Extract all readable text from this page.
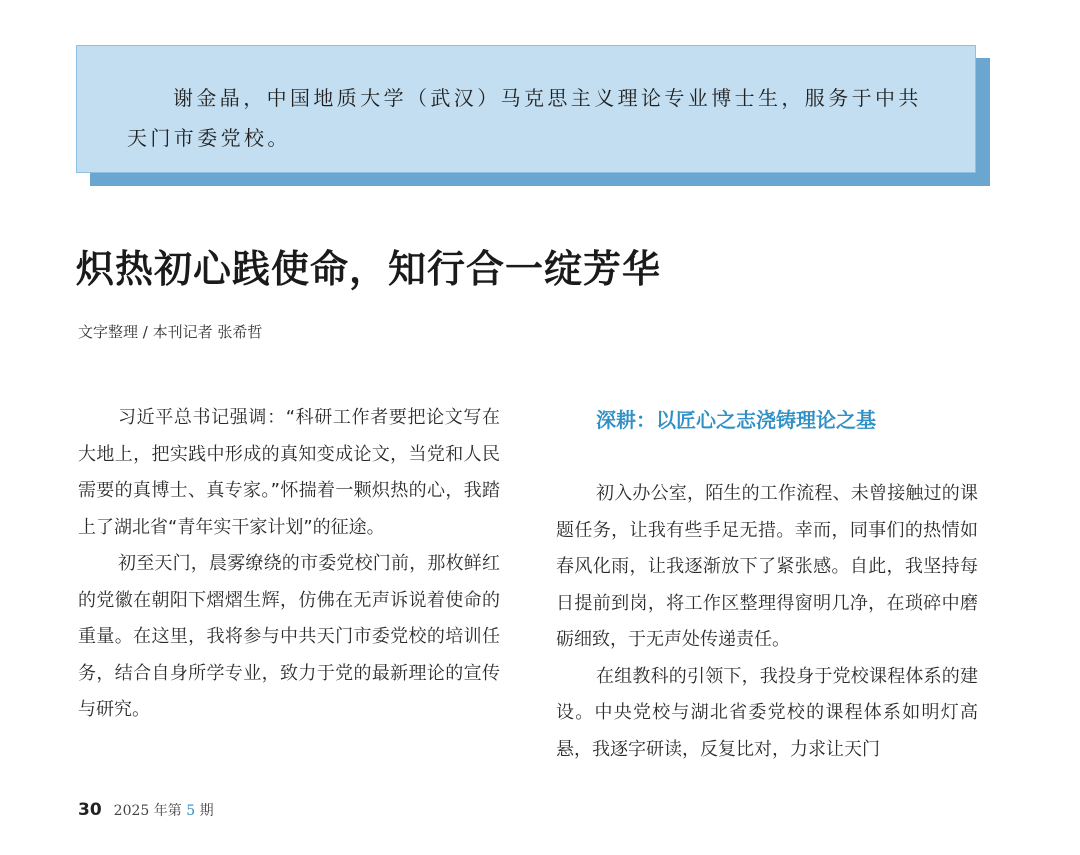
谢金晶，中国地质大学（武汉）马克思主义理论专业博士生，服务于中共天门市委党校。
炽热初心践使命，知行合一绽芳华
文字整理 / 本刊记者 张希哲

习近平总书记强调：“科研工作者要把论文写在大地上，把实践中形成的真知变成论文，当党和人民需要的真博士、真专家。”怀揣着一颗炽热的心，我踏上了湖北省“青年实干家计划”的征途。

初至天门，晨雾缭绕的市委党校门前，那枚鲜红的党徽在朝阳下熠熠生辉，仿佛在无声诉说着使命的重量。在这里，我将参与中共天门市委党校的培训任务，结合自身所学专业，致力于党的最新理论的宣传与研究。

深耕：以匠心之志浇铸理论之基

初入办公室，陌生的工作流程、未曾接触过的课题任务，让我有些手足无措。幸而，同事们的热情如春风化雨，让我逐渐放下了紧张感。自此，我坚持每日提前到岗，将工作区整理得窗明几净，在琐碎中磨砺细致，于无声处传递责任。

在组教科的引领下，我投身于党校课程体系的建设。中央党校与湖北省委党校的课程体系如明灯高悬，我逐字研读，反复比对，力求让天门

30 2025 年第 5 期
